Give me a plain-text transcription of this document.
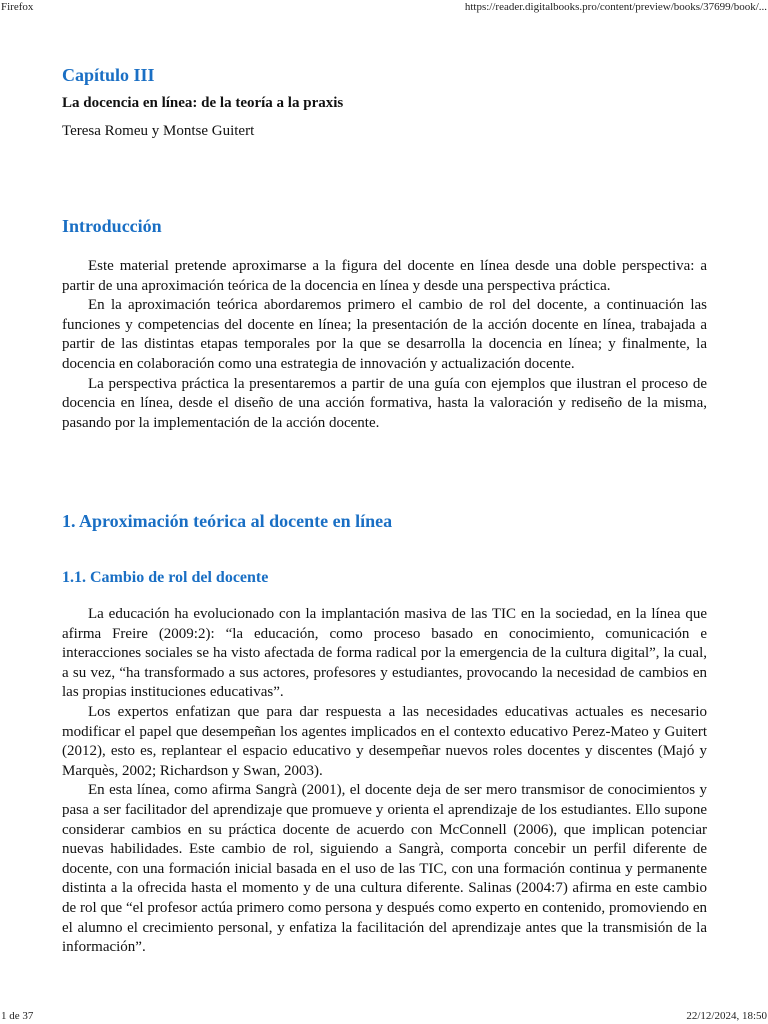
Firefox	https://reader.digitalbooks.pro/content/preview/books/37699/book/...
Capítulo III

La docencia en línea: de la teoría a la praxis

Teresa Romeu y Montse Guitert

Introducción

Este material pretende aproximarse a la figura del docente en línea desde una doble perspectiva: a partir de una aproximación teórica de la docencia en línea y desde una perspectiva práctica.

En la aproximación teórica abordaremos primero el cambio de rol del docente, a continuación las funciones y competencias del docente en línea; la presentación de la acción docente en línea, trabajada a partir de las distintas etapas temporales por la que se desarrolla la docencia en línea; y finalmente, la docencia en colaboración como una estrategia de innovación y actualización docente.

La perspectiva práctica la presentaremos a partir de una guía con ejemplos que ilustran el proceso de docencia en línea, desde el diseño de una acción formativa, hasta la valoración y rediseño de la misma, pasando por la implementación de la acción docente.

1. Aproximación teórica al docente en línea
1.1. Cambio de rol del docente

La educación ha evolucionado con la implantación masiva de las TIC en la sociedad, en la línea que afirma Freire (2009:2): “la educación, como proceso basado en conocimiento, comunicación e interacciones sociales se ha visto afectada de forma radical por la emergencia de la cultura digital”, la cual, a su vez, “ha transformado a sus actores, profesores y estudiantes, provocando la necesidad de cambios en las propias instituciones educativas”.

Los expertos enfatizan que para dar respuesta a las necesidades educativas actuales es necesario modificar el papel que desempeñan los agentes implicados en el contexto educativo Perez-Mateo y Guitert (2012), esto es, replantear el espacio educativo y desempeñar nuevos roles docentes y discentes (Majó y Marquès, 2002; Richardson y Swan, 2003).

En esta línea, como afirma Sangrà (2001), el docente deja de ser mero transmisor de conocimientos y pasa a ser facilitador del aprendizaje que promueve y orienta el aprendizaje de los estudiantes. Ello supone considerar cambios en su práctica docente de acuerdo con McConnell (2006), que implican potenciar nuevas habilidades. Este cambio de rol, siguiendo a Sangrà, comporta concebir un perfil diferente de docente, con una formación inicial basada en el uso de las TIC, con una formación continua y permanente distinta a la ofrecida hasta el momento y de una cultura diferente. Salinas (2004:7) afirma en este cambio de rol que “el profesor actúa primero como persona y después como experto en contenido, promoviendo en el alumno el crecimiento personal, y enfatiza la facilitación del aprendizaje antes que la transmisión de la información”.

1 de 37	22/12/2024, 18:50
